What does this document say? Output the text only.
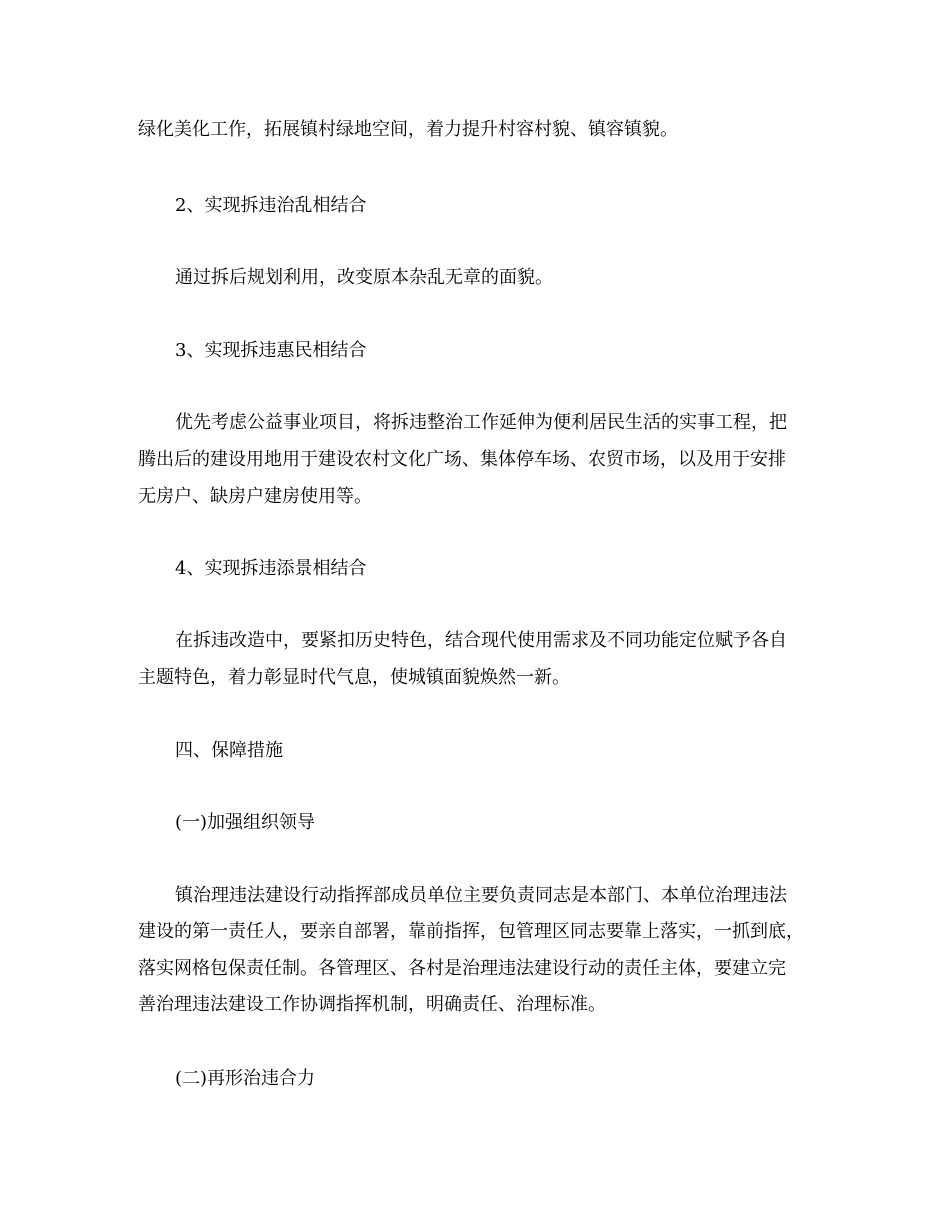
绿化美化工作，拓展镇村绿地空间，着力提升村容村貌、镇容镇貌。
2、实现拆违治乱相结合
通过拆后规划利用，改变原本杂乱无章的面貌。
3、实现拆违惠民相结合
优先考虑公益事业项目，将拆违整治工作延伸为便利居民生活的实事工程，把
腾出后的建设用地用于建设农村文化广场、集体停车场、农贸市场，以及用于安排
无房户、缺房户建房使用等。
4、实现拆违添景相结合
在拆违改造中，要紧扣历史特色，结合现代使用需求及不同功能定位赋予各自
主题特色，着力彰显时代气息，使城镇面貌焕然一新。
四、保障措施
(一)加强组织领导
镇治理违法建设行动指挥部成员单位主要负责同志是本部门、本单位治理违法
建设的第一责任人，要亲自部署，靠前指挥，包管理区同志要靠上落实，一抓到底，
落实网格包保责任制。各管理区、各村是治理违法建设行动的责任主体，要建立完
善治理违法建设工作协调指挥机制，明确责任、治理标准。
(二)再形治违合力
